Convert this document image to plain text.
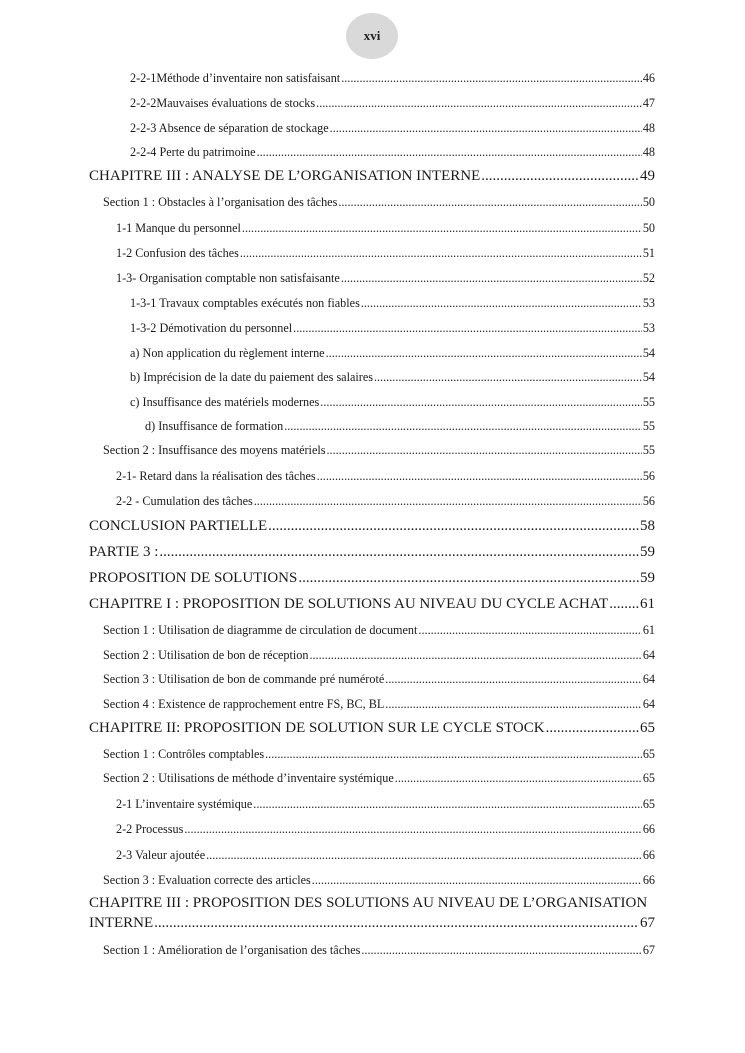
xvi
2-2-1Méthode d’inventaire non satisfaisant .....	46
2-2-2Mauvaises évaluations de stocks .....	47
2-2-3 Absence de séparation de stockage .....	48
2-2-4 Perte du patrimoine .....	48
CHAPITRE III : ANALYSE DE L’ORGANISATION INTERNE .....	49
Section 1 : Obstacles à l’organisation des tâches .....	50
1-1 Manque du personnel .....	50
1-2 Confusion des tâches .....	51
1-3- Organisation comptable non satisfaisante .....	52
1-3-1 Travaux comptables exécutés non fiables .....	53
1-3-2 Démotivation du personnel .....	53
a) Non application du règlement interne .....	54
b) Imprécision de la date du paiement des salaires .....	54
c) Insuffisance des matériels modernes .....	55
d) Insuffisance de formation .....	55
Section 2 : Insuffisance des moyens matériels .....	55
2-1- Retard dans la réalisation des tâches .....	56
2-2 - Cumulation des tâches .....	56
CONCLUSION PARTIELLE .....	58
PARTIE 3 : .....	59
PROPOSITION DE SOLUTIONS .....	59
CHAPITRE I : PROPOSITION DE SOLUTIONS AU NIVEAU DU CYCLE ACHAT ..... 61
Section 1 : Utilisation de diagramme de circulation de document .....	61
Section 2 : Utilisation de bon de réception .....	64
Section 3 : Utilisation de bon de commande pré numéroté .....	64
Section 4 : Existence de rapprochement entre FS, BC, BL .....	64
CHAPITRE II: PROPOSITION DE SOLUTION SUR LE CYCLE STOCK .....	65
Section 1 : Contrôles comptables .....	65
Section 2 : Utilisations de méthode d’inventaire systémique .....	65
2-1 L’inventaire systémique .....	65
2-2 Processus .....	66
2-3 Valeur ajoutée .....	66
Section 3 : Evaluation correcte des articles .....	66
CHAPITRE III : PROPOSITION DES SOLUTIONS AU NIVEAU DE L’ORGANISATION
INTERNE .....	67
Section 1 : Amélioration de l’organisation des tâches .....	67
